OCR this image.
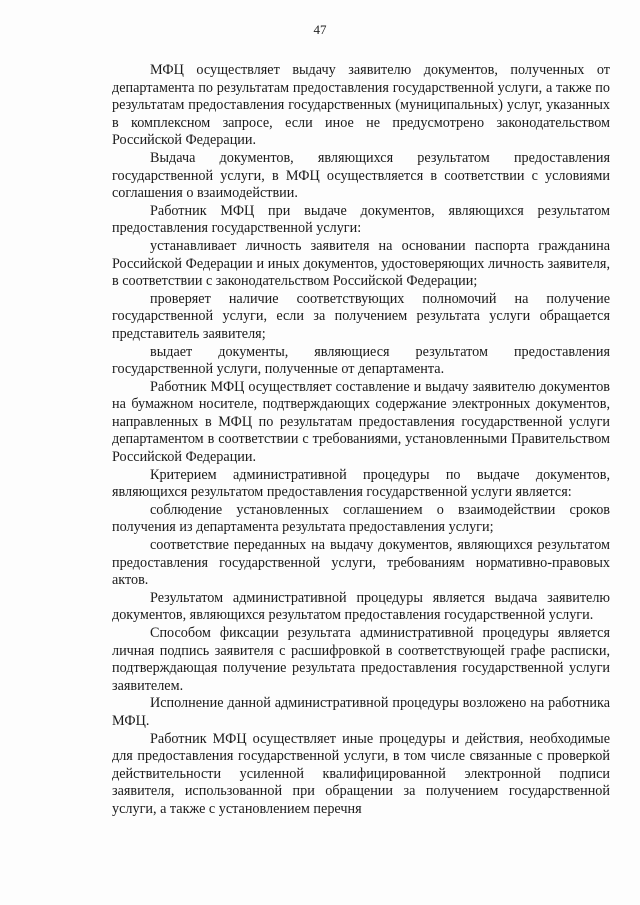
47

МФЦ осуществляет выдачу заявителю документов, полученных от департамента по результатам предоставления государственной услуги, а также по результатам предоставления государственных (муниципальных) услуг, указанных в комплексном запросе, если иное не предусмотрено законодательством Российской Федерации.

Выдача документов, являющихся результатом предоставления государственной услуги, в МФЦ осуществляется в соответствии с условиями соглашения о взаимодействии.

Работник МФЦ при выдаче документов, являющихся результатом предоставления государственной услуги:

устанавливает личность заявителя на основании паспорта гражданина Российской Федерации и иных документов, удостоверяющих личность заявителя, в соответствии с законодательством Российской Федерации;

проверяет наличие соответствующих полномочий на получение государственной услуги, если за получением результата услуги обращается представитель заявителя;

выдает документы, являющиеся результатом предоставления государственной услуги, полученные от департамента.

Работник МФЦ осуществляет составление и выдачу заявителю документов на бумажном носителе, подтверждающих содержание электронных документов, направленных в МФЦ по результатам предоставления государственной услуги департаментом в соответствии с требованиями, установленными Правительством Российской Федерации.

Критерием административной процедуры по выдаче документов, являющихся результатом предоставления государственной услуги является:

соблюдение установленных соглашением о взаимодействии сроков получения из департамента результата предоставления услуги;

соответствие переданных на выдачу документов, являющихся результатом предоставления государственной услуги, требованиям нормативно-правовых актов.

Результатом административной процедуры является выдача заявителю документов, являющихся результатом предоставления государственной услуги.

Способом фиксации результата административной процедуры является личная подпись заявителя с расшифровкой в соответствующей графе расписки, подтверждающая получение результата предоставления государственной услуги заявителем.

Исполнение данной административной процедуры возложено на работника МФЦ.

Работник МФЦ осуществляет иные процедуры и действия, необходимые для предоставления государственной услуги, в том числе связанные с проверкой действительности усиленной квалифицированной электронной подписи заявителя, использованной при обращении за получением государственной услуги, а также с установлением перечня
